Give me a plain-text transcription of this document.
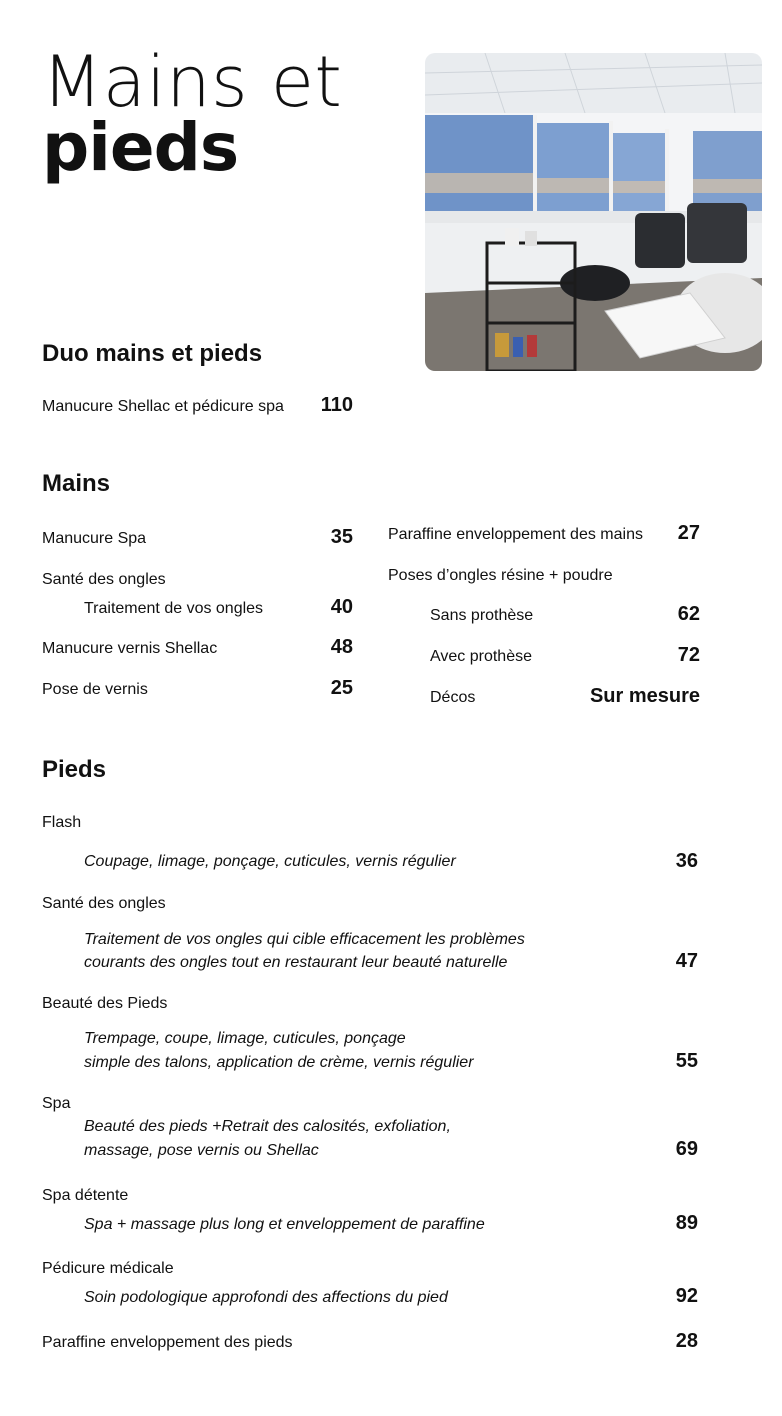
Mains et
pieds
Duo mains et pieds
Manucure Shellac et pédicure spa	110
Mains
Manucure Spa	35
Santé des ongles
Traitement de vos ongles	40
Manucure vernis Shellac	48
Pose de vernis	25
Paraffine enveloppement des mains	27
Poses d’ongles résine + poudre
Sans prothèse	62
Avec prothèse	72
Décos	Sur mesure
Pieds
Flash
Coupage, limage, ponçage, cuticules, vernis régulier	36
Santé des ongles
Traitement de vos ongles qui cible efficacement les problèmes
courants des ongles tout en restaurant leur beauté naturelle	47
Beauté des Pieds
Trempage, coupe, limage, cuticules, ponçage
simple des talons, application de crème, vernis régulier	55
Spa
Beauté des pieds +Retrait des calosités, exfoliation,
massage, pose vernis ou Shellac	69
Spa détente
Spa + massage plus long et enveloppement de paraffine	89
Pédicure médicale
Soin podologique approfondi des affections du pied	92
Paraffine enveloppement des pieds	28
